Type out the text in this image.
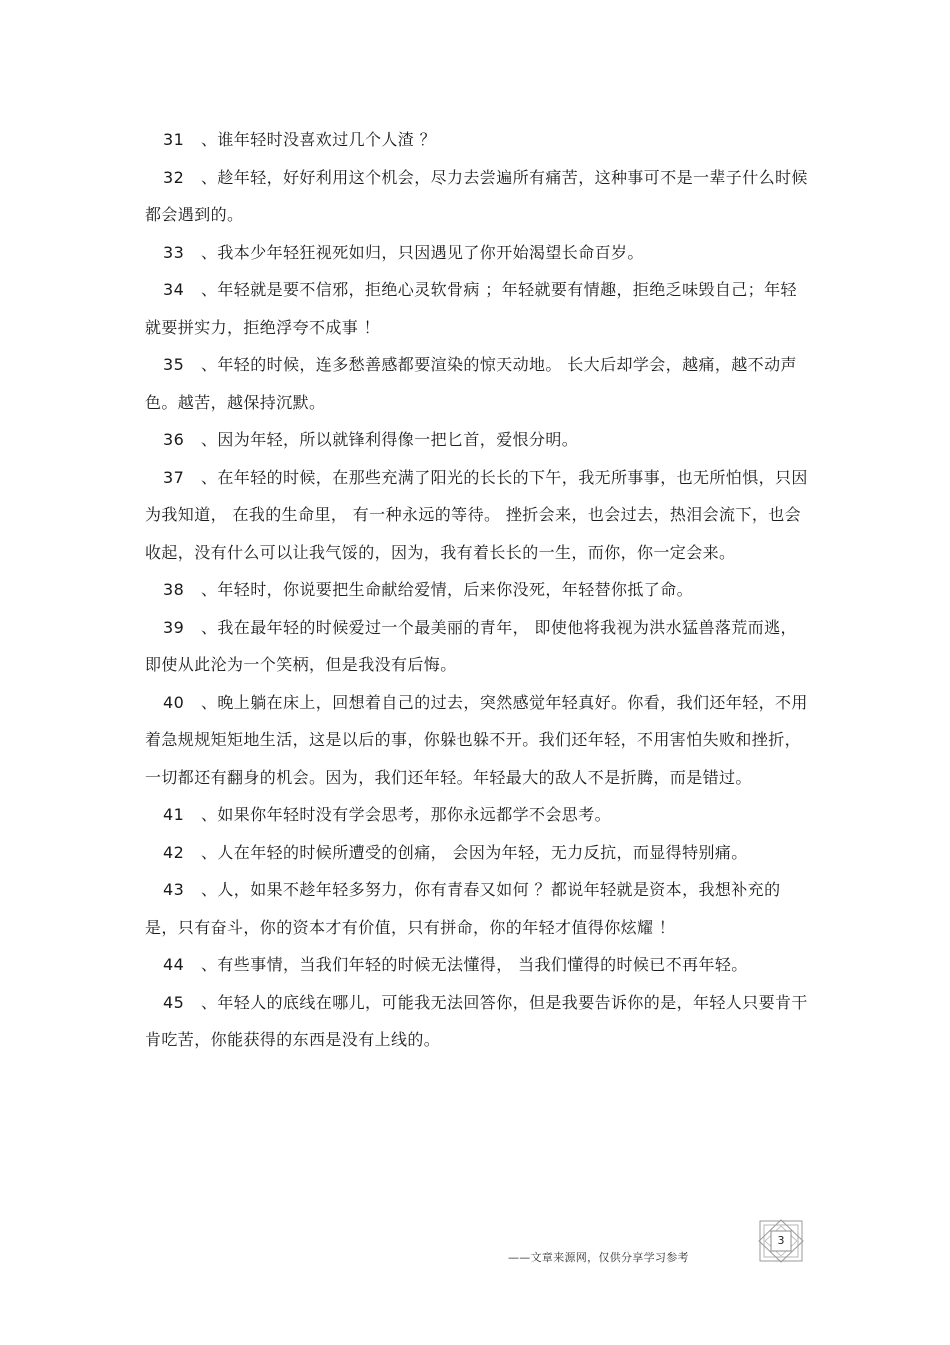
31 、谁年轻时没喜欢过几个人渣 ？
32 、趁年轻，好好利用这个机会，尽力去尝遍所有痛苦，这种事可不是一辈子什么时候都会遇到的。
33 、我本少年轻狂视死如归，只因遇见了你开始渴望长命百岁。
34 、年轻就是要不信邪，拒绝心灵软骨病 ；年轻就要有情趣，拒绝乏味毁自己；年轻就要拼实力，拒绝浮夸不成事 ！
35 、年轻的时候，连多愁善感都要渲染的惊天动地。 长大后却学会，越痛，越不动声色。越苦，越保持沉默。
36 、因为年轻，所以就锋利得像一把匕首，爱恨分明。
37 、在年轻的时候，在那些充满了阳光的长长的下午，我无所事事，也无所怕惧，只因为我知道， 在我的生命里， 有一种永远的等待。 挫折会来，也会过去，热泪会流下，也会收起，没有什么可以让我气馁的，因为，我有着长长的一生，而你，你一定会来。
38 、年轻时，你说要把生命献给爱情，后来你没死，年轻替你抵了命。
39 、我在最年轻的时候爱过一个最美丽的青年， 即使他将我视为洪水猛兽落荒而逃，即使从此沦为一个笑柄，但是我没有后悔。
40 、晚上躺在床上，回想着自己的过去，突然感觉年轻真好。你看，我们还年轻，不用着急规规矩矩地生活，这是以后的事，你躲也躲不开。我们还年轻，不用害怕失败和挫折，一切都还有翻身的机会。因为，我们还年轻。年轻最大的敌人不是折腾，而是错过。
41 、如果你年轻时没有学会思考，那你永远都学不会思考。
42 、人在年轻的时候所遭受的创痛， 会因为年轻，无力反抗，而显得特别痛。
43 、人，如果不趁年轻多努力，你有青春又如何 ？都说年轻就是资本，我想补充的是，只有奋斗，你的资本才有价值，只有拼命，你的年轻才值得你炫耀 ！
44 、有些事情，当我们年轻的时候无法懂得， 当我们懂得的时候已不再年轻。
45 、年轻人的底线在哪儿，可能我无法回答你，但是我要告诉你的是，年轻人只要肯干肯吃苦，你能获得的东西是没有上线的。
——文章来源网，仅供分享学习参考
3
